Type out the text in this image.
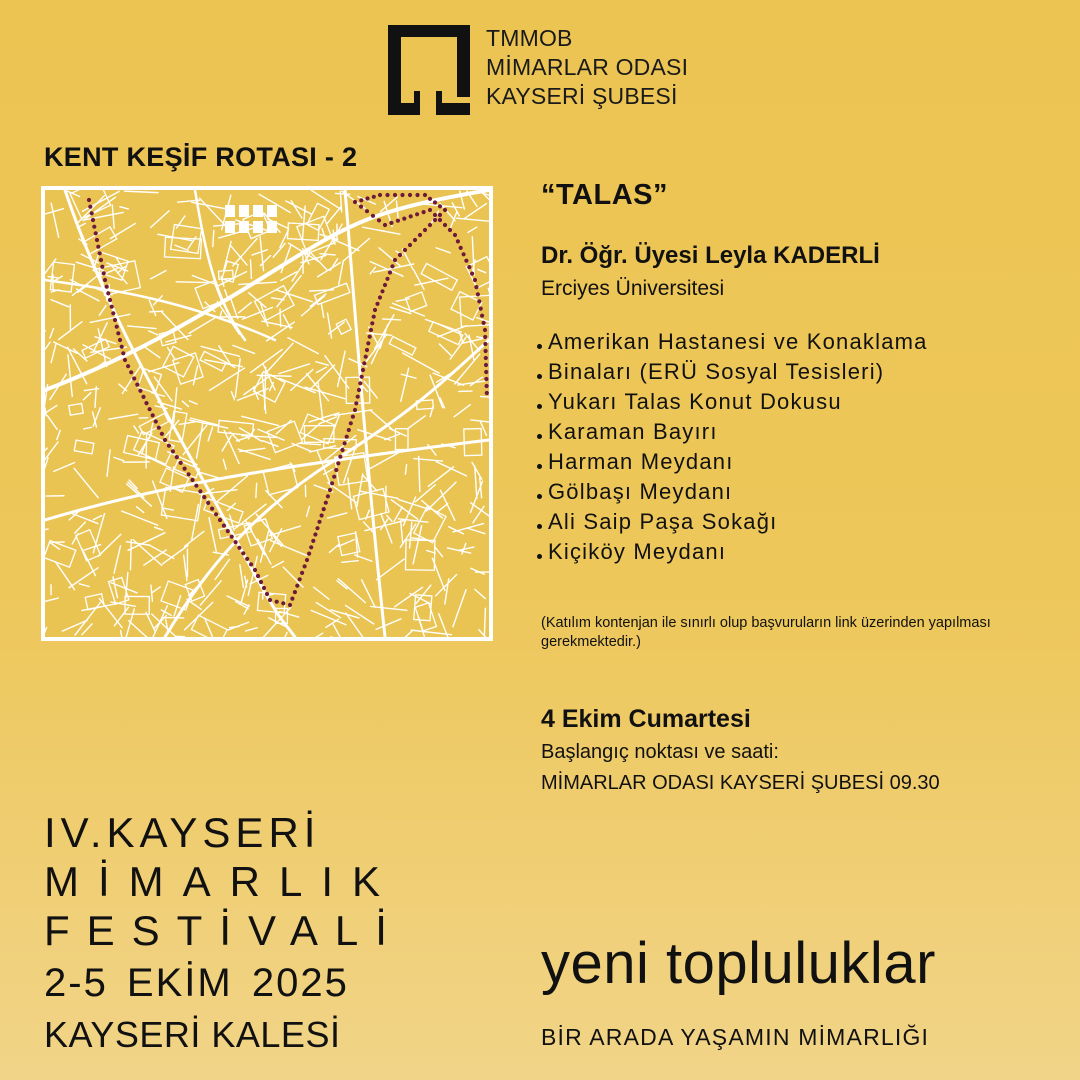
TMMOB
MİMARLAR ODASI
KAYSERİ ŞUBESİ
KENT KEŞİF ROTASI - 2
“TALAS”
Dr. Öğr. Üyesi Leyla KADERLİ
Erciyes Üniversitesi
Amerikan Hastanesi ve Konaklama
Binaları (ERÜ Sosyal Tesisleri)
Yukarı Talas Konut Dokusu
Karaman Bayırı
Harman Meydanı
Gölbaşı Meydanı
Ali Saip Paşa Sokağı
Kiçiköy Meydanı
(Katılım kontenjan ile sınırlı olup başvuruların link üzerinden yapılması gerekmektedir.)
4 Ekim Cumartesi
Başlangıç noktası ve saati:
MİMARLAR ODASI KAYSERİ ŞUBESİ 09.30
IV.KAYSERİ
MİMARLIK
FESTİVALİ
2-5 EKİM 2025
KAYSERİ KALESİ
yeni topluluklar
BİR ARADA YAŞAMIN MİMARLIĞI
